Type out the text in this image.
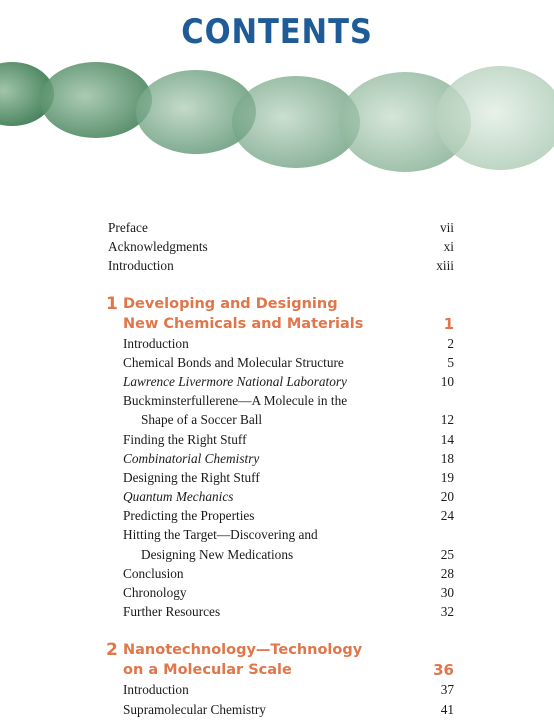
CONTENTS
Preface	vii
Acknowledgments	xi
Introduction	xiii
1 Developing and Designing
New Chemicals and Materials	1
Introduction	2
Chemical Bonds and Molecular Structure	5
Lawrence Livermore National Laboratory	10
Buckminsterfullerene—A Molecule in the
Shape of a Soccer Ball	12
Finding the Right Stuff	14
Combinatorial Chemistry	18
Designing the Right Stuff	19
Quantum Mechanics	20
Predicting the Properties	24
Hitting the Target—Discovering and
Designing New Medications	25
Conclusion	28
Chronology	30
Further Resources	32
2 Nanotechnology—Technology
on a Molecular Scale	36
Introduction	37
Supramolecular Chemistry	41
